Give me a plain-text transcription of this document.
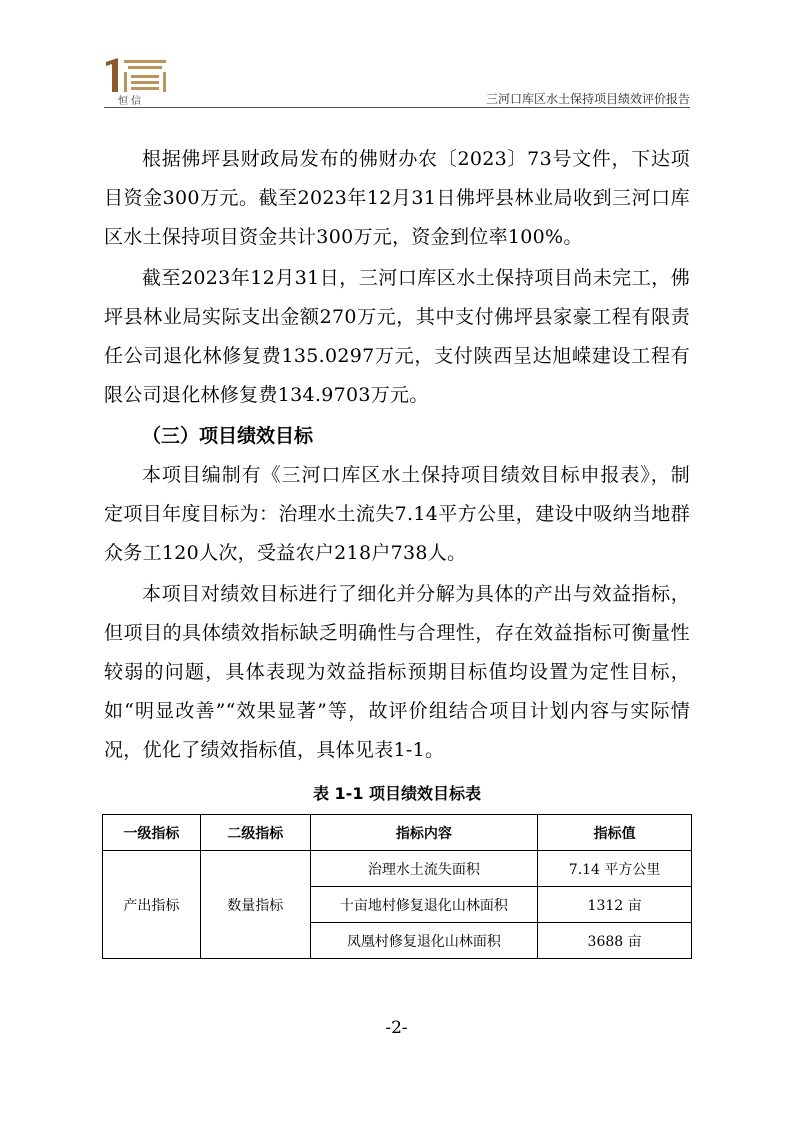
恒信	三河口库区水土保持项目绩效评价报告

根据佛坪县财政局发布的佛财办农〔2023〕73号文件，下达项目资金300万元。截至2023年12月31日佛坪县林业局收到三河口库区水土保持项目资金共计300万元，资金到位率100%。

截至2023年12月31日，三河口库区水土保持项目尚未完工，佛坪县林业局实际支出金额270万元，其中支付佛坪县家豪工程有限责任公司退化林修复费135.0297万元，支付陕西呈达旭嵘建设工程有限公司退化林修复费134.9703万元。

（三）项目绩效目标

本项目编制有《三河口库区水土保持项目绩效目标申报表》，制定项目年度目标为：治理水土流失7.14平方公里，建设中吸纳当地群众务工120人次，受益农户218户738人。

本项目对绩效目标进行了细化并分解为具体的产出与效益指标，但项目的具体绩效指标缺乏明确性与合理性，存在效益指标可衡量性较弱的问题，具体表现为效益指标预期目标值均设置为定性目标，如“明显改善”“效果显著”等，故评价组结合项目计划内容与实际情况，优化了绩效指标值，具体见表1-1。

表 1-1 项目绩效目标表
一级指标	二级指标	指标内容	指标值
产出指标	数量指标	治理水土流失面积	7.14 平方公里
		十亩地村修复退化山林面积	1312 亩
		凤凰村修复退化山林面积	3688 亩
-2-
